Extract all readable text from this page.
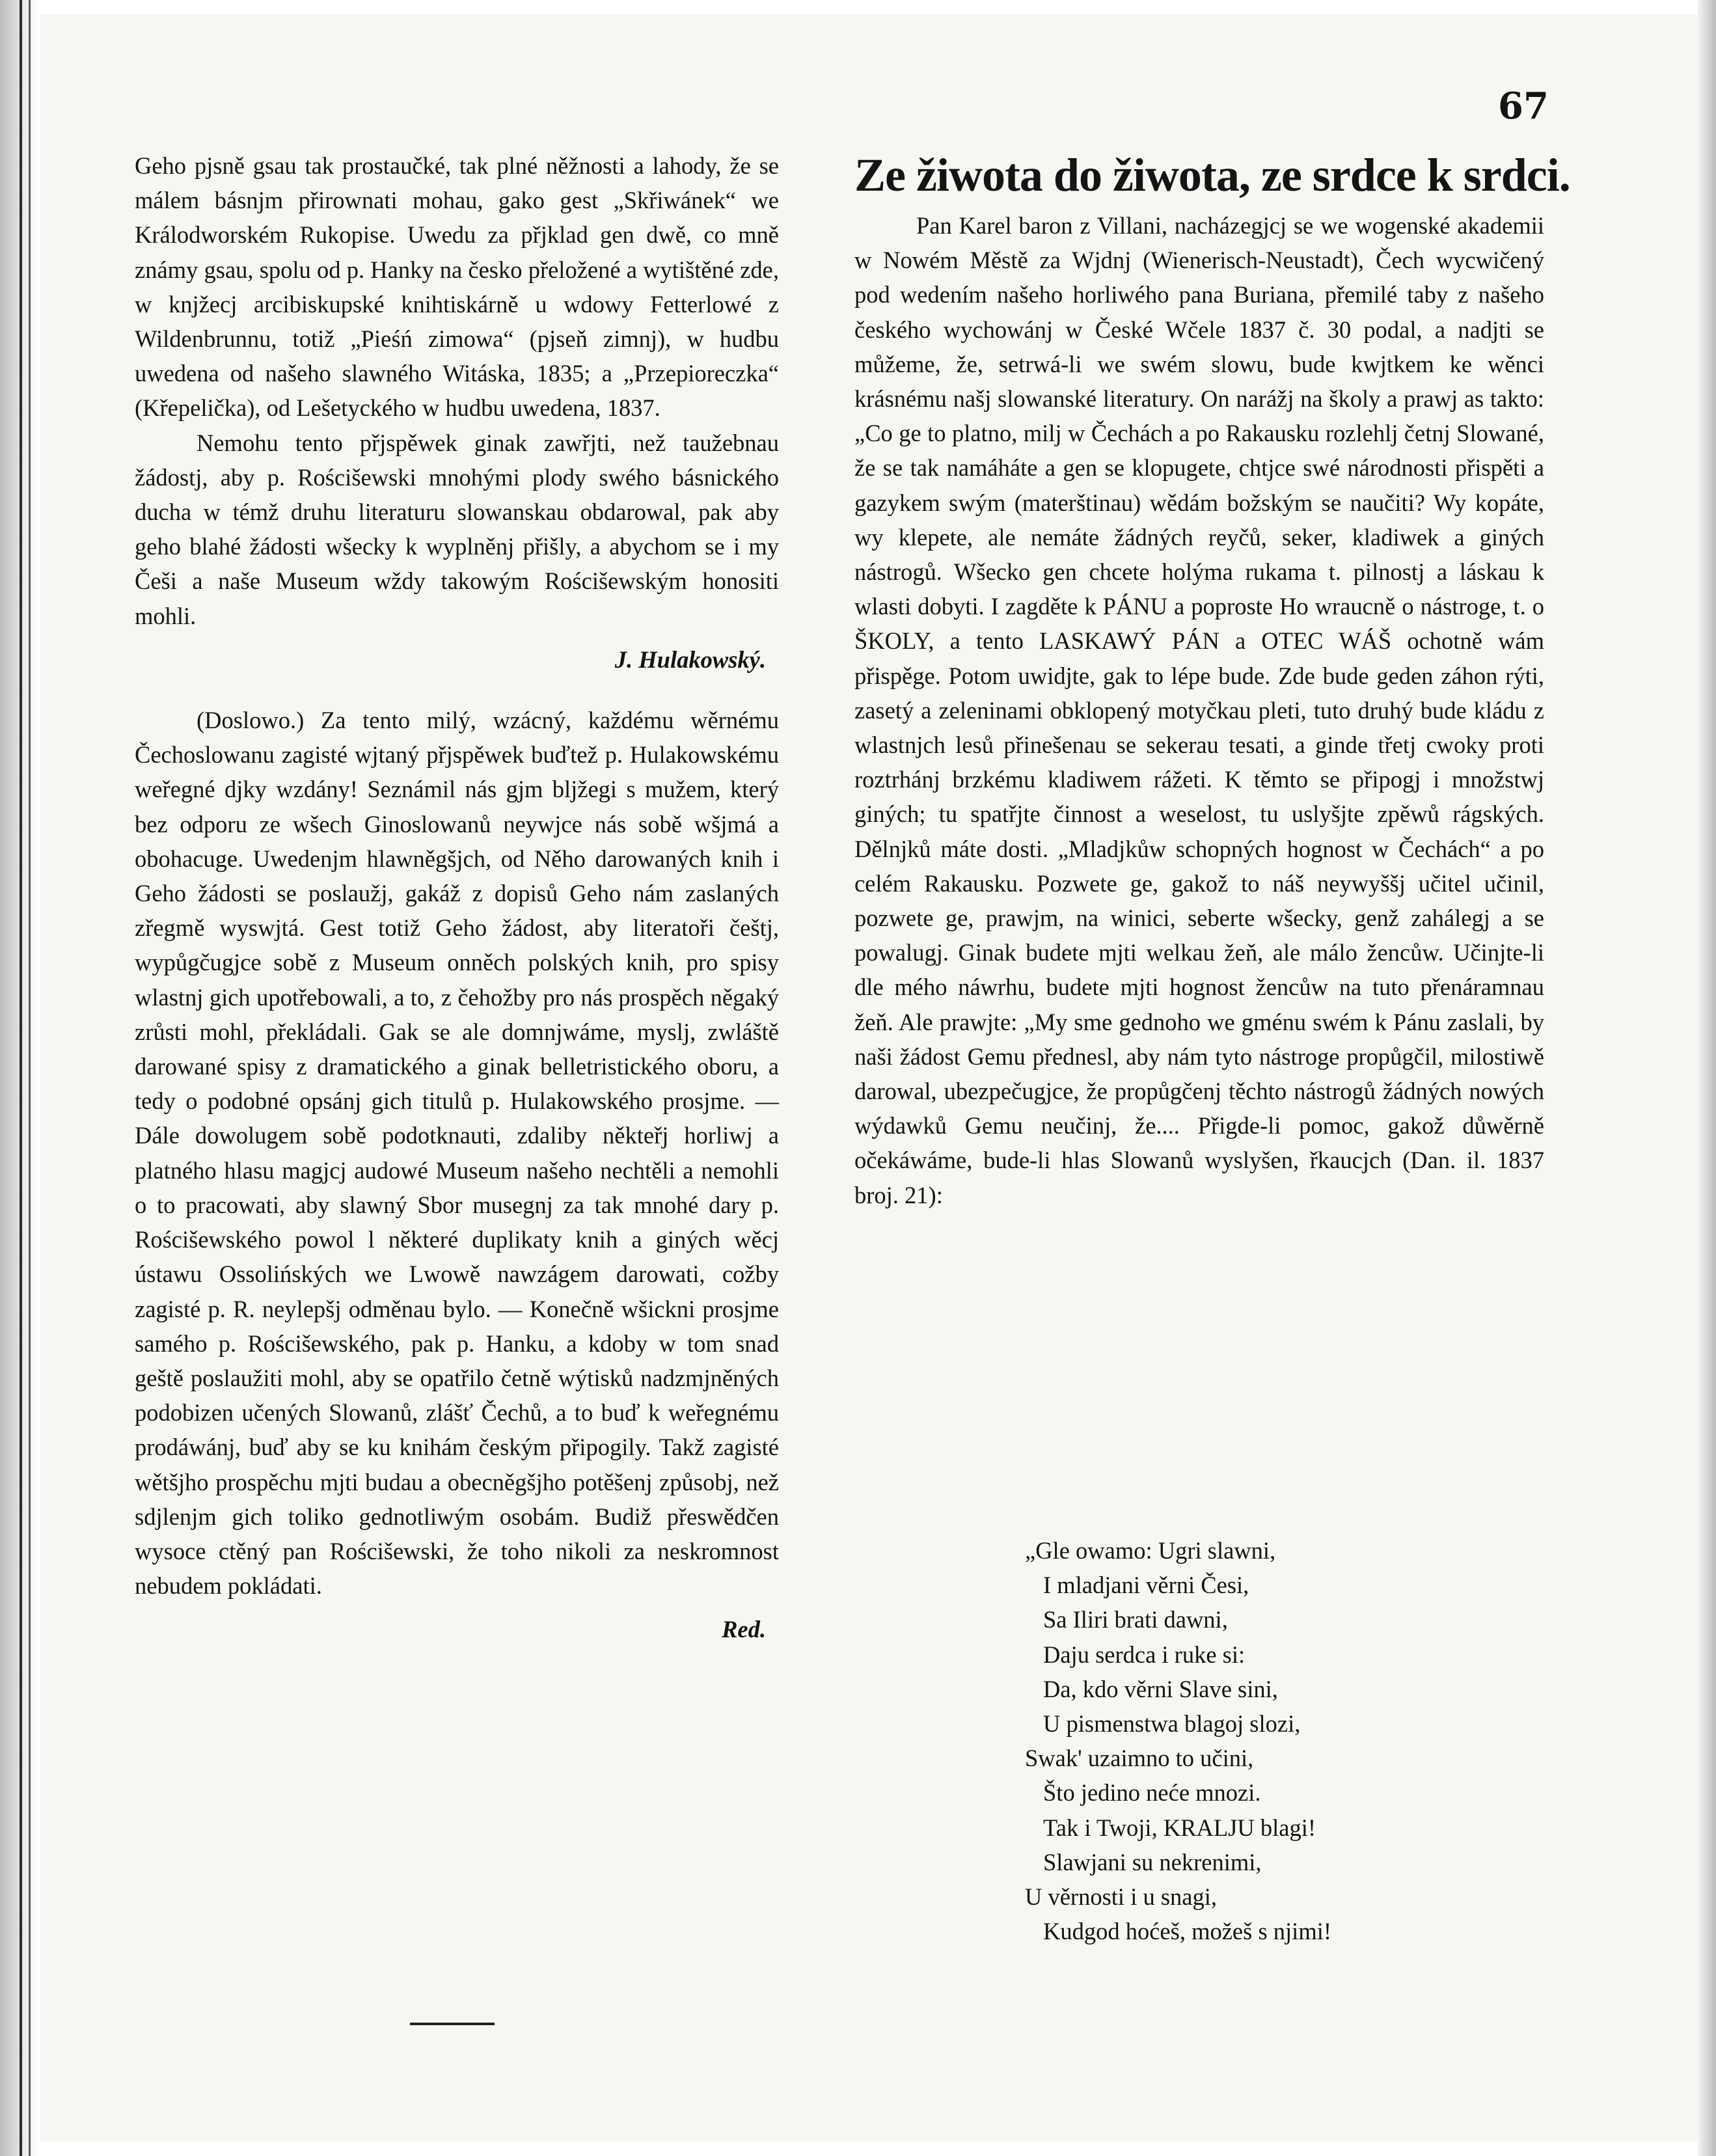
67

Geho pjsně gsau tak prostaučké, tak plné něžnosti a lahody, že se málem básnjm přirownati mohau, gako gest „Skřiwánek“ we Králodworském Rukopise. Uwedu za přjklad gen dwě, co mně známy gsau, spolu od p. Hanky na česko přeložené a wytištěné zde, w knjžecj arcibiskupské knihtiskárně u wdowy Fetterlowé z Wildenbrunnu, totiž „Pieśń zimowa“ (pjseň zimnj), w hudbu uwedena od našeho slawného Witáska, 1835; a „Przepioreczka“ (Křepelička), od Lešetyckého w hudbu uwedena, 1837.

Nemohu tento přjspěwek ginak zawřjti, než taužebnau žádostj, aby p. Rościšewski mnohými plody swého básnického ducha w témž druhu literaturu slowanskau obdarowal, pak aby geho blahé žádosti wšecky k wyplněnj přišly, a abychom se i my Češi a naše Museum wždy takowým Rościšewským honositi mohli.

J. Hulakowský.

(Doslowo.) Za tento milý, wzácný, každému wěrnému Čechoslowanu zagisté wjtaný přjspěwek buďtež p. Hulakowskému weřegné djky wzdány! Seznámil nás gjm bljžegi s mužem, který bez odporu ze wšech Ginoslowanů neywjce nás sobě wšjmá a obohacuge. Uwedenjm hlawněgšjch, od Něho darowaných knih i Geho žádosti se poslaužj, gakáž z dopisů Geho nám zaslaných zřegmě wyswjtá. Gest totiž Geho žádost, aby literatoři češtj, wypůgčugjce sobě z Museum onněch polských knih, pro spisy wlastnj gich upotřebowali, a to, z čehožby pro nás prospěch něgaký zrůsti mohl, překládali. Gak se ale domnjwáme, myslj, zwláště darowané spisy z dramatického a ginak belletristického oboru, a tedy o podobné opsánj gich titulů p. Hulakowského prosjme. — Dále dowolugem sobě podotknauti, zdaliby někteřj horliwj a platného hlasu magjcj audowé Museum našeho nechtěli a nemohli o to pracowati, aby slawný Sbor musegnj za tak mnohé dary p. Rościšewského powol l některé duplikaty knih a giných wěcj ústawu Ossolińských we Lwowě nawzágem darowati, cožby zagisté p. R. neylepšj odměnau bylo. — Konečně wšickni prosjme samého p. Rościšewského, pak p. Hanku, a kdoby w tom snad geště poslaužiti mohl, aby se opatřilo četně wýtisků nadzmjněných podobizen učených Slowanů, zlášť Čechů, a to buď k weřegnému prodáwánj, buď aby se ku knihám českým připogily. Takž zagisté wětšjho prospěchu mjti budau a obecněgšjho potěšenj způsobj, než sdjlenjm gich toliko gednotliwým osobám. Budiž přeswědčen wysoce ctěný pan Rościšewski, že toho nikoli za neskromnost nebudem pokládati.

Red.

Ze žiwota do žiwota, ze srdce k srdci.

Pan Karel baron z Villani, nacházegjcj se we wogenské akademii w Nowém Městě za Wjdnj (Wienerisch-Neustadt), Čech wycwičený pod wedením našeho horliwého pana Buriana, přemilé taby z našeho českého wychowánj w České Wčele 1837 č. 30 podal, a nadjti se můžeme, že, setrwá-li we swém slowu, bude kwjtkem ke wěnci krásnému našj slowanské literatury. On narážj na školy a prawj as takto: „Co ge to platno, milj w Čechách a po Rakausku rozlehlj četnj Slowané, že se tak namáháte a gen se klopugete, chtjce swé národnosti přispěti a gazykem swým (materštinau) wědám božským se naučiti? Wy kopáte, wy klepete, ale nemáte žádných reyčů, seker, kladiwek a giných nástrogů. Wšecko gen chcete holýma rukama t. pilnostj a láskau k wlasti dobyti. I zagděte k PÁNU a poproste Ho wraucně o nástroge, t. o ŠKOLY, a tento LASKAWÝ PÁN a OTEC WÁŠ ochotně wám přispěge. Potom uwidjte, gak to lépe bude. Zde bude geden záhon rýti, zasetý a zeleninami obklopený motyčkau pleti, tuto druhý bude kládu z wlastnjch lesů přinešenau se sekerau tesati, a ginde třetj cwoky proti roztrhánj brzkému kladiwem rážeti. K těmto se připogj i množstwj giných; tu spatřjte činnost a weselost, tu uslyšjte zpěwů rágských. Dělnjků máte dosti. „Mladjkůw schopných hognost w Čechách“ a po celém Rakausku. Pozwete ge, gakož to náš neywyššj učitel učinil, pozwete ge, prawjm, na winici, seberte wšecky, genž zahálegj a se powalugj. Ginak budete mjti welkau žeň, ale málo žencůw. Učinjte-li dle mého náwrhu, budete mjti hognost žencůw na tuto přenáramnau žeň. Ale prawjte: „My sme gednoho we gménu swém k Pánu zaslali, by naši žádost Gemu přednesl, aby nám tyto nástroge propůgčil, milostiwě darowal, ubezpečugjce, že propůgčenj těchto nástrogů žádných nowých wýdawků Gemu neučinj, že.... Přigde-li pomoc, gakož důwěrně očekáwáme, bude-li hlas Slowanů wyslyšen, řkaucjch (Dan. il. 1837 broj. 21):

„Gle owamo: Ugri slawni,
I mladjani věrni Česi,
Sa Iliri brati dawni,
Daju serdca i ruke si:
Da, kdo věrni Slave sini,
U pismenstwa blagoj slozi,
Swak' uzaimno to učini,
Što jedino neće mnozi.
Tak i Twoji, KRALJU blagi!
Slawjani su nekrenimi,
U věrnosti i u snagi,
Kudgod hoćeš, možeš s njimi!
